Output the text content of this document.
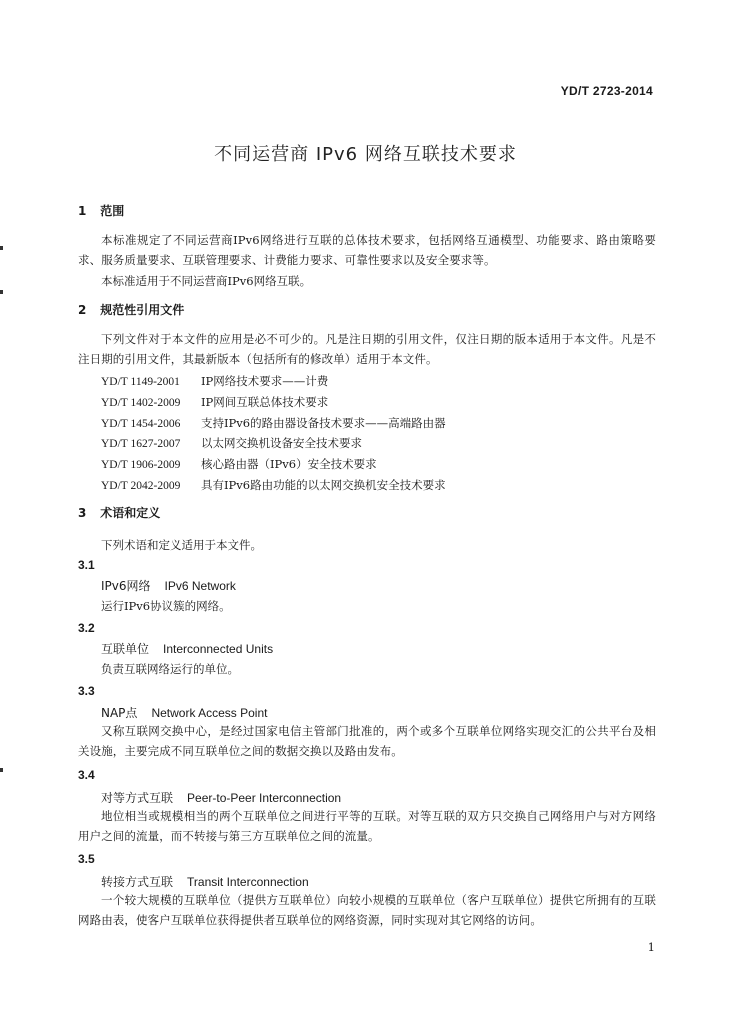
YD/T 2723-2014
不同运营商 IPv6 网络互联技术要求
1 范围
本标准规定了不同运营商IPv6网络进行互联的总体技术要求，包括网络互通模型、功能要求、路由策略要求、服务质量要求、互联管理要求、计费能力要求、可靠性要求以及安全要求等。
本标准适用于不同运营商IPv6网络互联。
2 规范性引用文件
下列文件对于本文件的应用是必不可少的。凡是注日期的引用文件，仅注日期的版本适用于本文件。凡是不注日期的引用文件，其最新版本（包括所有的修改单）适用于本文件。
YD/T 1149-2001 IP网络技术要求——计费
YD/T 1402-2009 IP网间互联总体技术要求
YD/T 1454-2006 支持IPv6的路由器设备技术要求——高端路由器
YD/T 1627-2007 以太网交换机设备安全技术要求
YD/T 1906-2009 核心路由器（IPv6）安全技术要求
YD/T 2042-2009 具有IPv6路由功能的以太网交换机安全技术要求
3 术语和定义
下列术语和定义适用于本文件。
3.1
IPv6网络 IPv6 Network
运行IPv6协议簇的网络。
3.2
互联单位 Interconnected Units
负责互联网络运行的单位。
3.3
NAP点 Network Access Point
又称互联网交换中心，是经过国家电信主管部门批准的，两个或多个互联单位网络实现交汇的公共平台及相关设施，主要完成不同互联单位之间的数据交换以及路由发布。
3.4
对等方式互联 Peer-to-Peer Interconnection
地位相当或规模相当的两个互联单位之间进行平等的互联。对等互联的双方只交换自己网络用户与对方网络用户之间的流量，而不转接与第三方互联单位之间的流量。
3.5
转接方式互联 Transit Interconnection
一个较大规模的互联单位（提供方互联单位）向较小规模的互联单位（客户互联单位）提供它所拥有的互联网路由表，使客户互联单位获得提供者互联单位的网络资源，同时实现对其它网络的访问。
1
